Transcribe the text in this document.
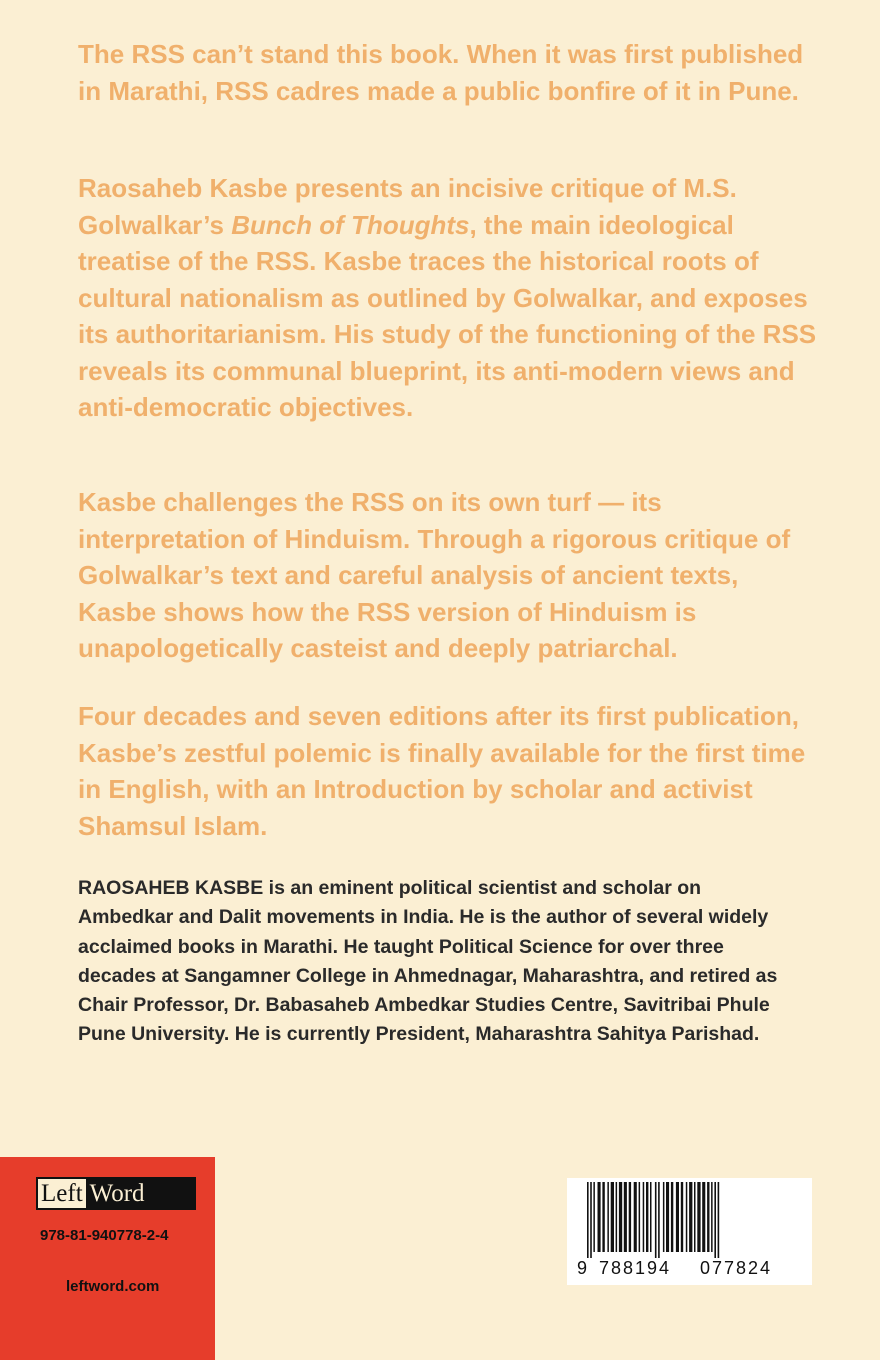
The RSS can’t stand this book. When it was first published in Marathi, RSS cadres made a public bonfire of it in Pune.

Raosaheb Kasbe presents an incisive critique of M.S. Golwalkar’s Bunch of Thoughts, the main ideological treatise of the RSS. Kasbe traces the historical roots of cultural nationalism as outlined by Golwalkar, and exposes its authoritarianism. His study of the functioning of the RSS reveals its communal blueprint, its anti-modern views and anti-democratic objectives.

Kasbe challenges the RSS on its own turf — its interpretation of Hinduism. Through a rigorous critique of Golwalkar’s text and careful analysis of ancient texts, Kasbe shows how the RSS version of Hinduism is unapologetically casteist and deeply patriarchal.

Four decades and seven editions after its first publication, Kasbe’s zestful polemic is finally available for the first time in English, with an Introduction by scholar and activist Shamsul Islam.

RAOSAHEB KASBE is an eminent political scientist and scholar on Ambedkar and Dalit movements in India. He is the author of several widely acclaimed books in Marathi. He taught Political Science for over three decades at Sangamner College in Ahmednagar, Maharashtra, and retired as Chair Professor, Dr. Babasaheb Ambedkar Studies Centre, Savitribai Phule Pune University. He is currently President, Maharashtra Sahitya Parishad.

Left Word
978-81-940778-2-4
leftword.com
9 788194 077824
